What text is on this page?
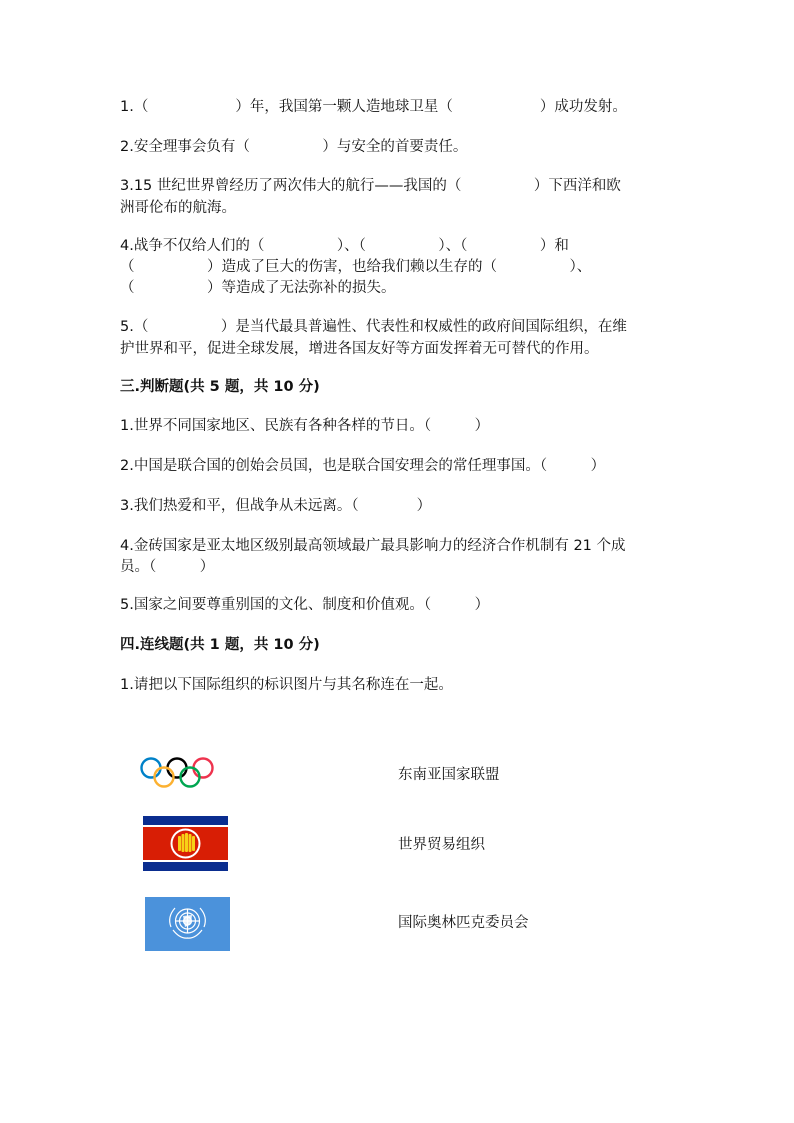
1.（　　　　　　）年，我国第一颗人造地球卫星（　　　　　　）成功发射。
2.安全理事会负有（　　　　　）与安全的首要责任。
3.15 世纪世界曾经历了两次伟大的航行——我国的（　　　　　）下西洋和欧
洲哥伦布的航海。
4.战争不仅给人们的（　　　　　）、（　　　　　）、（　　　　　）和
（　　　　　）造成了巨大的伤害，也给我们赖以生存的（　　　　　）、
（　　　　　）等造成了无法弥补的损失。
5.（　　　　　）是当代最具普遍性、代表性和权威性的政府间国际组织，在维
护世界和平，促进全球发展，增进各国友好等方面发挥着无可替代的作用。
三.判断题(共 5 题，共 10 分)
1.世界不同国家地区、民族有各种各样的节日。（　　　）
2.中国是联合国的创始会员国，也是联合国安理会的常任理事国。（　　　）
3.我们热爱和平，但战争从未远离。（　　　　）
4.金砖国家是亚太地区级别最高领域最广最具影响力的经济合作机制有 21 个成
员。（　　　）
5.国家之间要尊重别国的文化、制度和价值观。（　　　）
四.连线题(共 1 题，共 10 分)
1.请把以下国际组织的标识图片与其名称连在一起。
东南亚国家联盟
世界贸易组织
国际奥林匹克委员会
